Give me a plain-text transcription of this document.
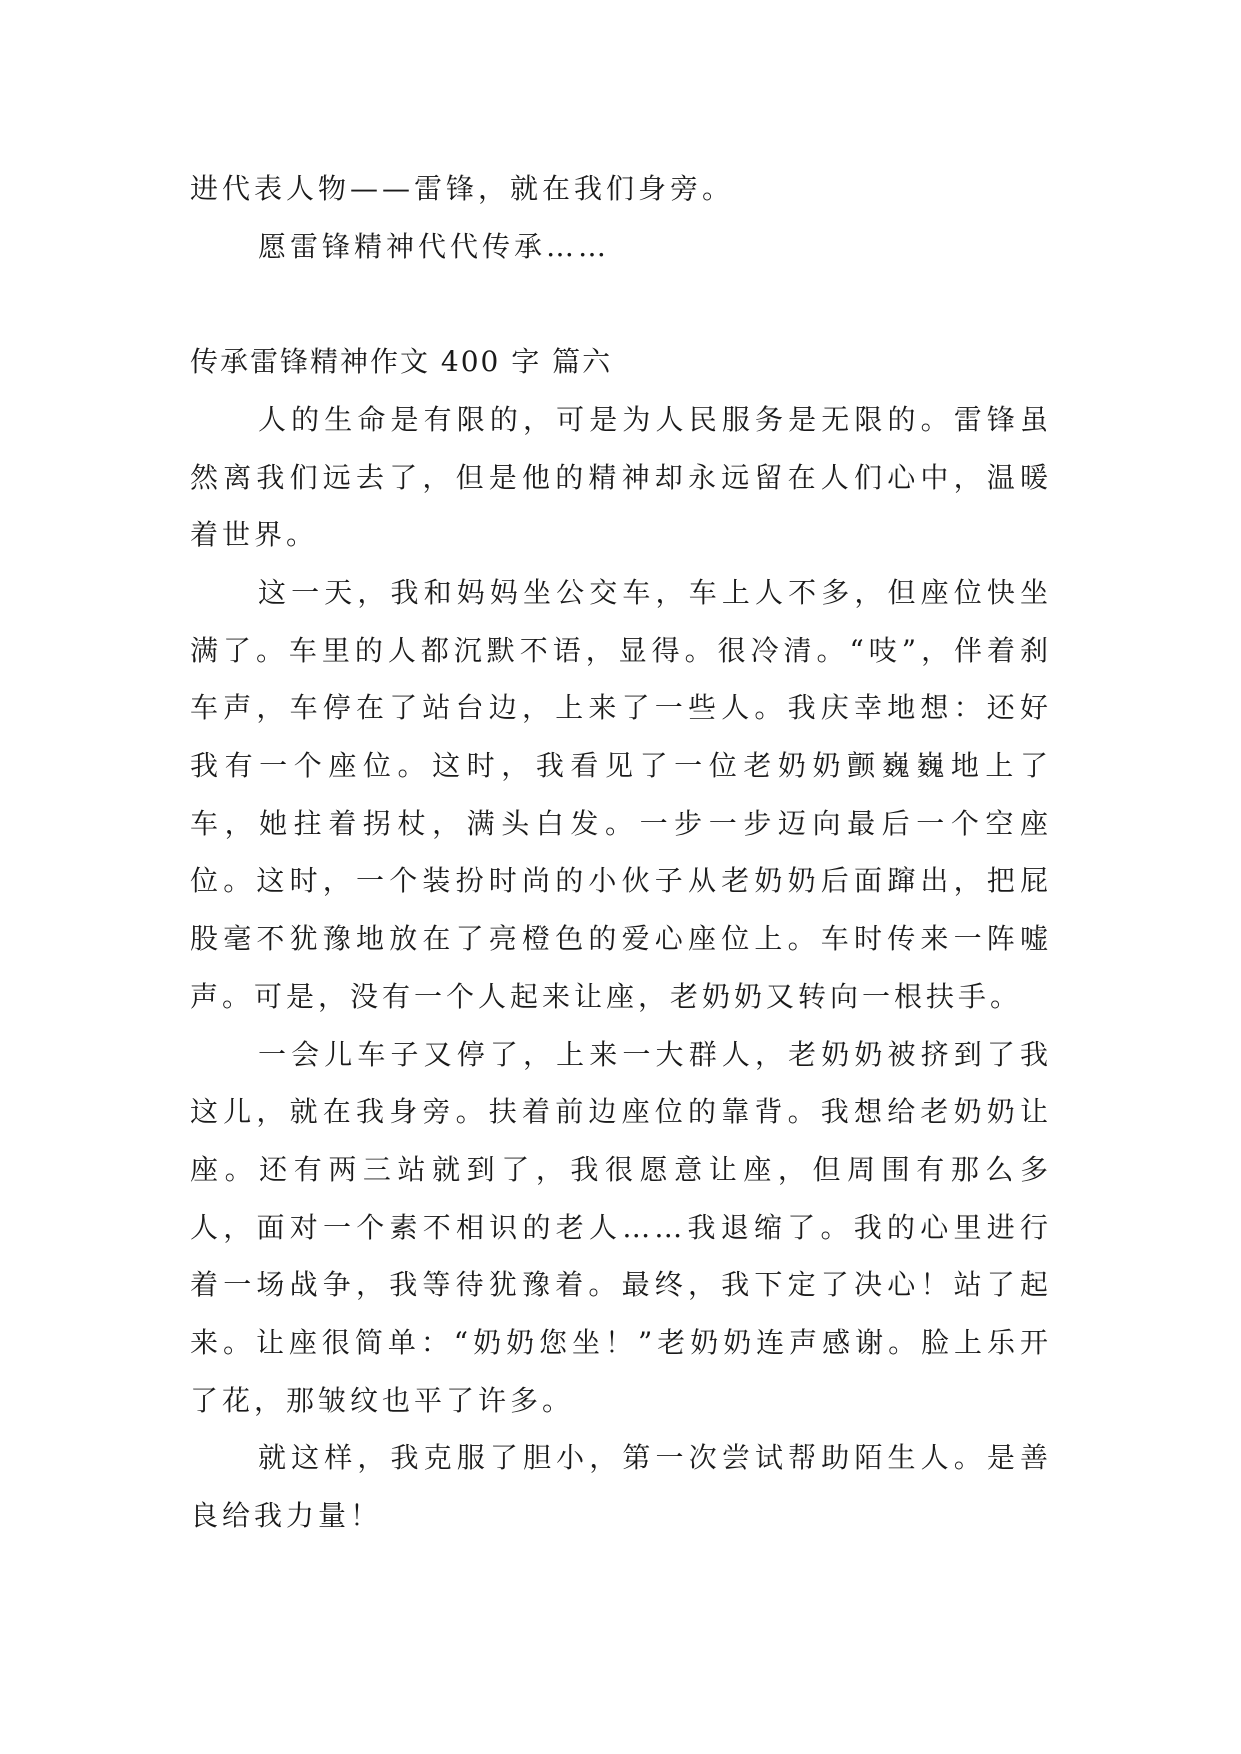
进代表人物——雷锋，就在我们身旁。

愿雷锋精神代代传承……

传承雷锋精神作文 400 字 篇六

人的生命是有限的，可是为人民服务是无限的。雷锋虽然离我们远去了，但是他的精神却永远留在人们心中，温暖着世界。

这一天，我和妈妈坐公交车，车上人不多，但座位快坐满了。车里的人都沉默不语，显得。很冷清。“吱”，伴着刹车声，车停在了站台边，上来了一些人。我庆幸地想：还好我有一个座位。这时，我看见了一位老奶奶颤巍巍地上了车，她拄着拐杖，满头白发。一步一步迈向最后一个空座位。这时，一个装扮时尚的小伙子从老奶奶后面蹿出，把屁股毫不犹豫地放在了亮橙色的爱心座位上。车时传来一阵嘘声。可是，没有一个人起来让座，老奶奶又转向一根扶手。

一会儿车子又停了，上来一大群人，老奶奶被挤到了我这儿，就在我身旁。扶着前边座位的靠背。我想给老奶奶让座。还有两三站就到了，我很愿意让座，但周围有那么多人，面对一个素不相识的老人……我退缩了。我的心里进行着一场战争，我等待犹豫着。最终，我下定了决心！站了起来。让座很简单：“奶奶您坐！”老奶奶连声感谢。脸上乐开了花，那皱纹也平了许多。

就这样，我克服了胆小，第一次尝试帮助陌生人。是善良给我力量！
